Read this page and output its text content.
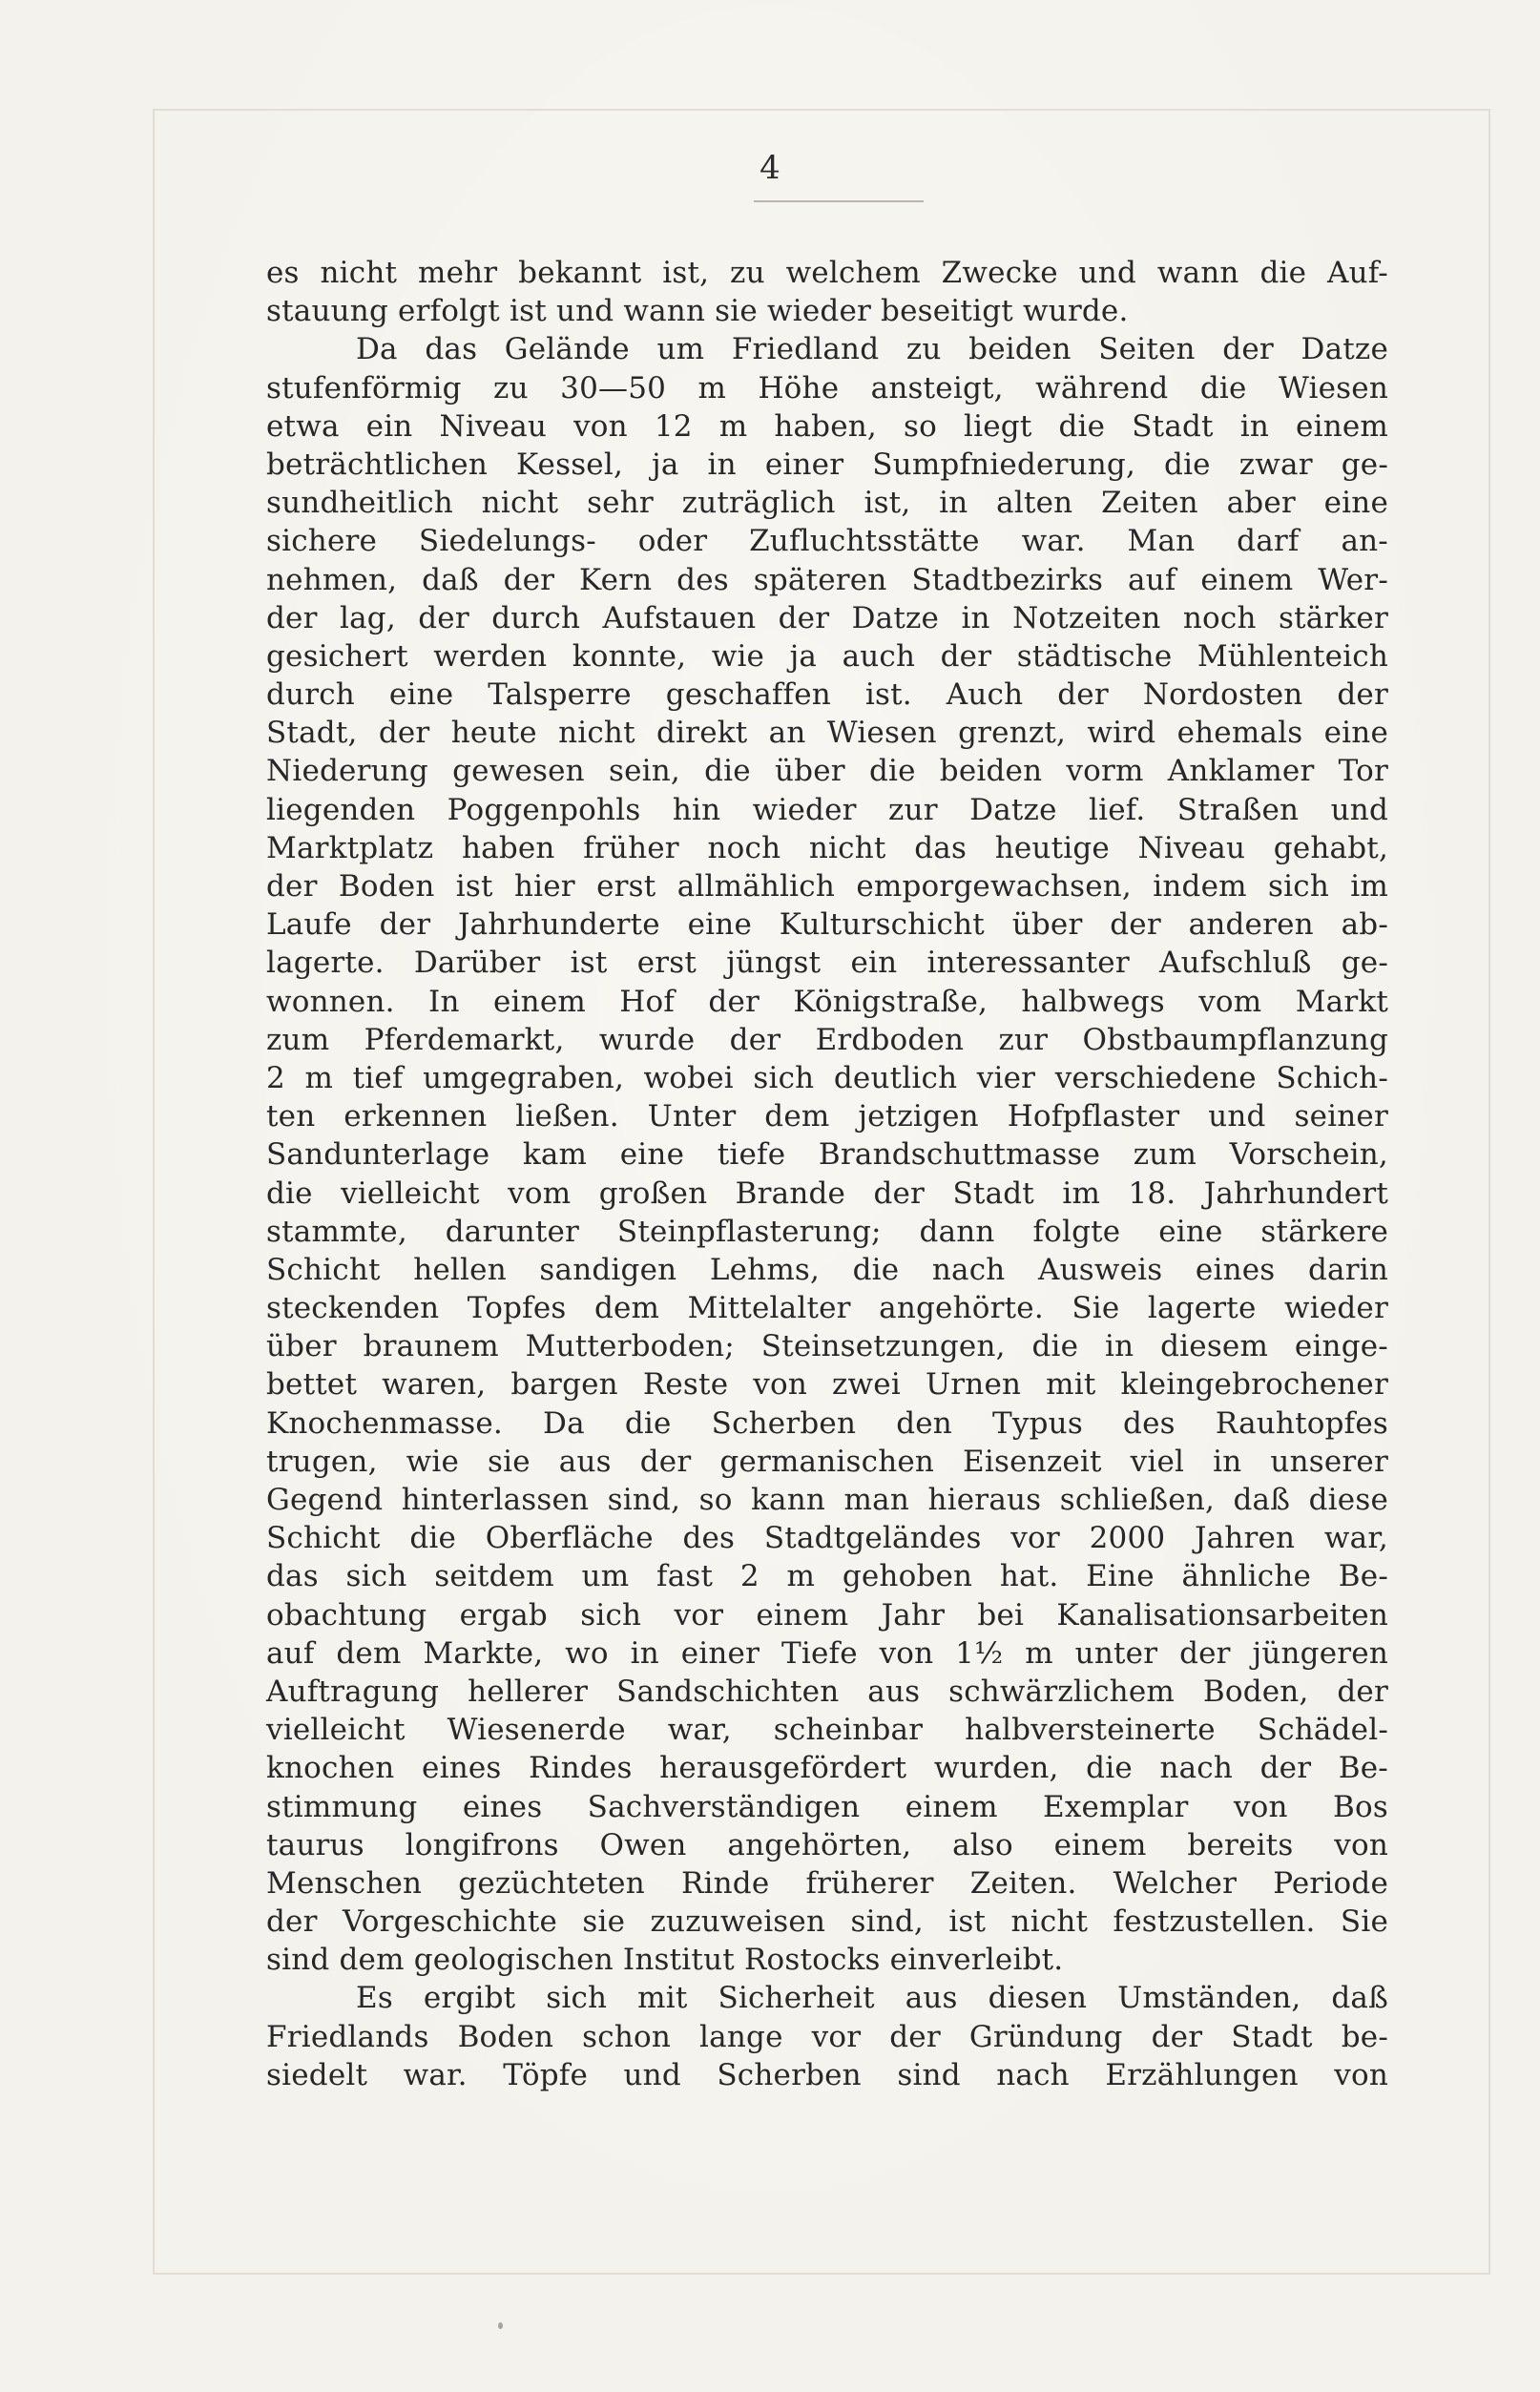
4
es nicht mehr bekannt ist, zu welchem Zwecke und wann die Auf-
stauung erfolgt ist und wann sie wieder beseitigt wurde.
Da das Gelände um Friedland zu beiden Seiten der Datze
stufenförmig zu 30—50 m Höhe ansteigt, während die Wiesen
etwa ein Niveau von 12 m haben, so liegt die Stadt in einem
beträchtlichen Kessel, ja in einer Sumpfniederung, die zwar ge-
sundheitlich nicht sehr zuträglich ist, in alten Zeiten aber eine
sichere Siedelungs- oder Zufluchtsstätte war. Man darf an-
nehmen, daß der Kern des späteren Stadtbezirks auf einem Wer-
der lag, der durch Aufstauen der Datze in Notzeiten noch stärker
gesichert werden konnte, wie ja auch der städtische Mühlenteich
durch eine Talsperre geschaffen ist. Auch der Nordosten der
Stadt, der heute nicht direkt an Wiesen grenzt, wird ehemals eine
Niederung gewesen sein, die über die beiden vorm Anklamer Tor
liegenden Poggenpohls hin wieder zur Datze lief. Straßen und
Marktplatz haben früher noch nicht das heutige Niveau gehabt,
der Boden ist hier erst allmählich emporgewachsen, indem sich im
Laufe der Jahrhunderte eine Kulturschicht über der anderen ab-
lagerte. Darüber ist erst jüngst ein interessanter Aufschluß ge-
wonnen. In einem Hof der Königstraße, halbwegs vom Markt
zum Pferdemarkt, wurde der Erdboden zur Obstbaumpflanzung
2 m tief umgegraben, wobei sich deutlich vier verschiedene Schich-
ten erkennen ließen. Unter dem jetzigen Hofpflaster und seiner
Sandunterlage kam eine tiefe Brandschuttmasse zum Vorschein,
die vielleicht vom großen Brande der Stadt im 18. Jahrhundert
stammte, darunter Steinpflasterung; dann folgte eine stärkere
Schicht hellen sandigen Lehms, die nach Ausweis eines darin
steckenden Topfes dem Mittelalter angehörte. Sie lagerte wieder
über braunem Mutterboden; Steinsetzungen, die in diesem einge-
bettet waren, bargen Reste von zwei Urnen mit kleingebrochener
Knochenmasse. Da die Scherben den Typus des Rauhtopfes
trugen, wie sie aus der germanischen Eisenzeit viel in unserer
Gegend hinterlassen sind, so kann man hieraus schließen, daß diese
Schicht die Oberfläche des Stadtgeländes vor 2000 Jahren war,
das sich seitdem um fast 2 m gehoben hat. Eine ähnliche Be-
obachtung ergab sich vor einem Jahr bei Kanalisationsarbeiten
auf dem Markte, wo in einer Tiefe von 1½ m unter der jüngeren
Auftragung hellerer Sandschichten aus schwärzlichem Boden, der
vielleicht Wiesenerde war, scheinbar halbversteinerte Schädel-
knochen eines Rindes herausgefördert wurden, die nach der Be-
stimmung eines Sachverständigen einem Exemplar von Bos
taurus longifrons Owen angehörten, also einem bereits von
Menschen gezüchteten Rinde früherer Zeiten. Welcher Periode
der Vorgeschichte sie zuzuweisen sind, ist nicht festzustellen. Sie
sind dem geologischen Institut Rostocks einverleibt.
Es ergibt sich mit Sicherheit aus diesen Umständen, daß
Friedlands Boden schon lange vor der Gründung der Stadt be-
siedelt war. Töpfe und Scherben sind nach Erzählungen von
